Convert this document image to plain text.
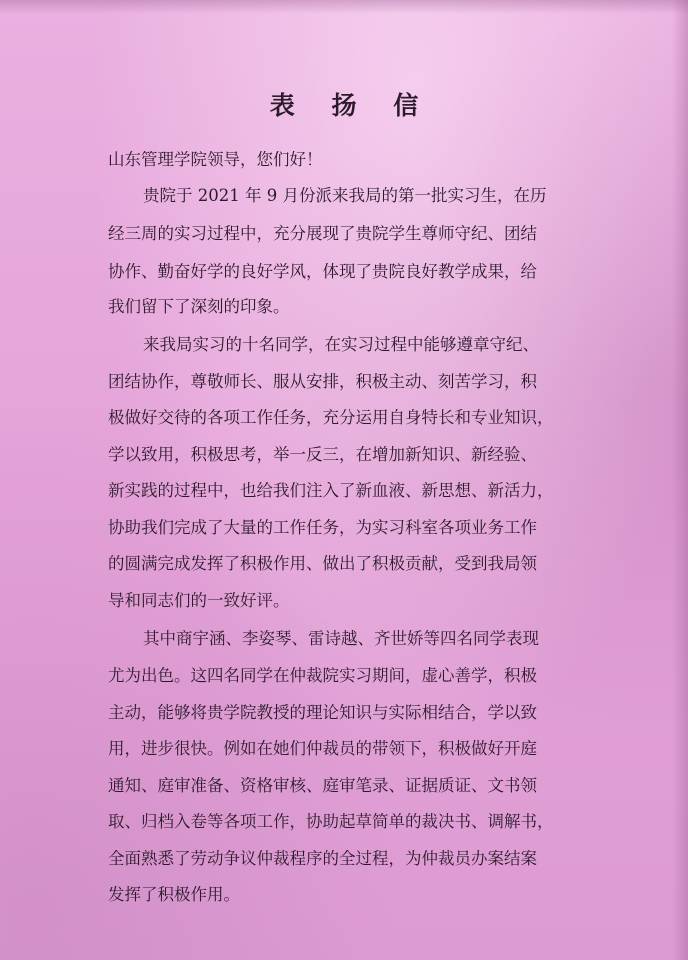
表 扬 信
山东管理学院领导，您们好！
贵院于 2021 年 9 月份派来我局的第一批实习生，在历
经三周的实习过程中，充分展现了贵院学生尊师守纪、团结
协作、勤奋好学的良好学风，体现了贵院良好教学成果，给
我们留下了深刻的印象。
来我局实习的十名同学，在实习过程中能够遵章守纪、
团结协作，尊敬师长、服从安排，积极主动、刻苦学习，积
极做好交待的各项工作任务，充分运用自身特长和专业知识，
学以致用，积极思考，举一反三，在增加新知识、新经验、
新实践的过程中，也给我们注入了新血液、新思想、新活力，
协助我们完成了大量的工作任务，为实习科室各项业务工作
的圆满完成发挥了积极作用、做出了积极贡献，受到我局领
导和同志们的一致好评。
其中商宇涵、李姿琴、雷诗越、齐世娇等四名同学表现
尤为出色。这四名同学在仲裁院实习期间，虚心善学，积极
主动，能够将贵学院教授的理论知识与实际相结合，学以致
用，进步很快。例如在她们仲裁员的带领下，积极做好开庭
通知、庭审准备、资格审核、庭审笔录、证据质证、文书领
取、归档入卷等各项工作，协助起草简单的裁决书、调解书，
全面熟悉了劳动争议仲裁程序的全过程，为仲裁员办案结案
发挥了积极作用。
